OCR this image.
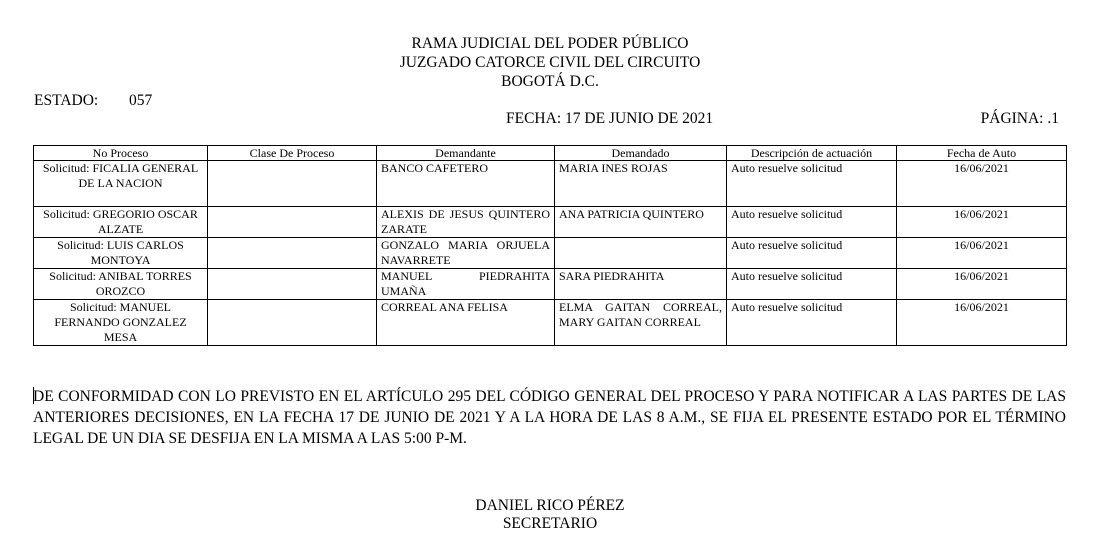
RAMA JUDICIAL DEL PODER PÚBLICO
JUZGADO CATORCE CIVIL DEL CIRCUITO
BOGOTÁ D.C.
ESTADO: 057
FECHA: 17 DE JUNIO DE 2021	PÁGINA: .1
No Proceso	Clase De Proceso	Demandante	Demandado	Descripción de actuación	Fecha de Auto
Solicitud: FICALIA GENERAL DE LA NACION		BANCO CAFETERO	MARIA INES ROJAS	Auto resuelve solicitud	16/06/2021
Solicitud: GREGORIO OSCAR ALZATE		ALEXIS DE JESUS QUINTERO ZARATE	ANA PATRICIA QUINTERO	Auto resuelve solicitud	16/06/2021
Solicitud: LUIS CARLOS MONTOYA		GONZALO MARIA ORJUELA NAVARRETE		Auto resuelve solicitud	16/06/2021
Solicitud: ANIBAL TORRES OROZCO		MANUEL PIEDRAHITA UMAÑA	SARA PIEDRAHITA	Auto resuelve solicitud	16/06/2021
Solicitud: MANUEL FERNANDO GONZALEZ MESA		CORREAL ANA FELISA	ELMA GAITAN CORREAL, MARY GAITAN CORREAL	Auto resuelve solicitud	16/06/2021
DE CONFORMIDAD CON LO PREVISTO EN EL ARTÍCULO 295 DEL CÓDIGO GENERAL DEL PROCESO Y PARA NOTIFICAR A LAS PARTES DE LAS ANTERIORES DECISIONES, EN LA FECHA 17 DE JUNIO DE 2021 Y A LA HORA DE LAS 8 A.M., SE FIJA EL PRESENTE ESTADO POR EL TÉRMINO LEGAL DE UN DIA SE DESFIJA EN LA MISMA A LAS 5:00 P-M.
DANIEL RICO PÉREZ
SECRETARIO
